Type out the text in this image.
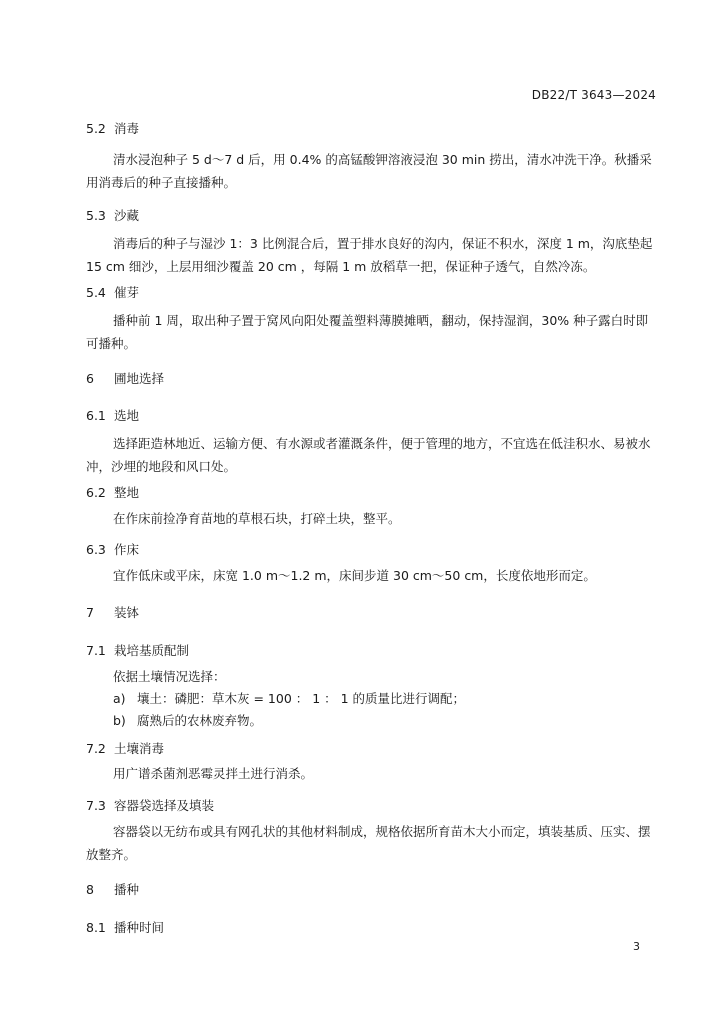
DB22/T 3643—2024
5.2 消毒
清水浸泡种子 5 d～7 d 后，用 0.4% 的高锰酸钾溶液浸泡 30 min 捞出，清水冲洗干净。秋播采用消毒后的种子直接播种。
5.3 沙藏
消毒后的种子与湿沙 1：3 比例混合后，置于排水良好的沟内，保证不积水，深度 1 m，沟底垫起 15 cm 细沙，上层用细沙覆盖 20 cm ，每隔 1 m 放稻草一把，保证种子透气，自然冷冻。
5.4 催芽
播种前 1 周，取出种子置于窝风向阳处覆盖塑料薄膜摊晒，翻动，保持湿润，30% 种子露白时即可播种。
6 圃地选择
6.1 选地
选择距造林地近、运输方便、有水源或者灌溉条件，便于管理的地方，不宜选在低洼积水、易被水冲，沙埋的地段和风口处。
6.2 整地
在作床前捡净育苗地的草根石块，打碎土块，整平。
6.3 作床
宜作低床或平床，床宽 1.0 m～1.2 m，床间步道 30 cm～50 cm，长度依地形而定。
7 装钵
7.1 栽培基质配制
依据土壤情况选择：
a) 壤土：磷肥：草木灰 = 100 ： 1 ： 1 的质量比进行调配；
b) 腐熟后的农林废弃物。
7.2 土壤消毒
用广谱杀菌剂恶霉灵拌土进行消杀。
7.3 容器袋选择及填装
容器袋以无纺布或具有网孔状的其他材料制成，规格依据所育苗木大小而定，填装基质、压实、摆放整齐。
8 播种
8.1 播种时间
3
